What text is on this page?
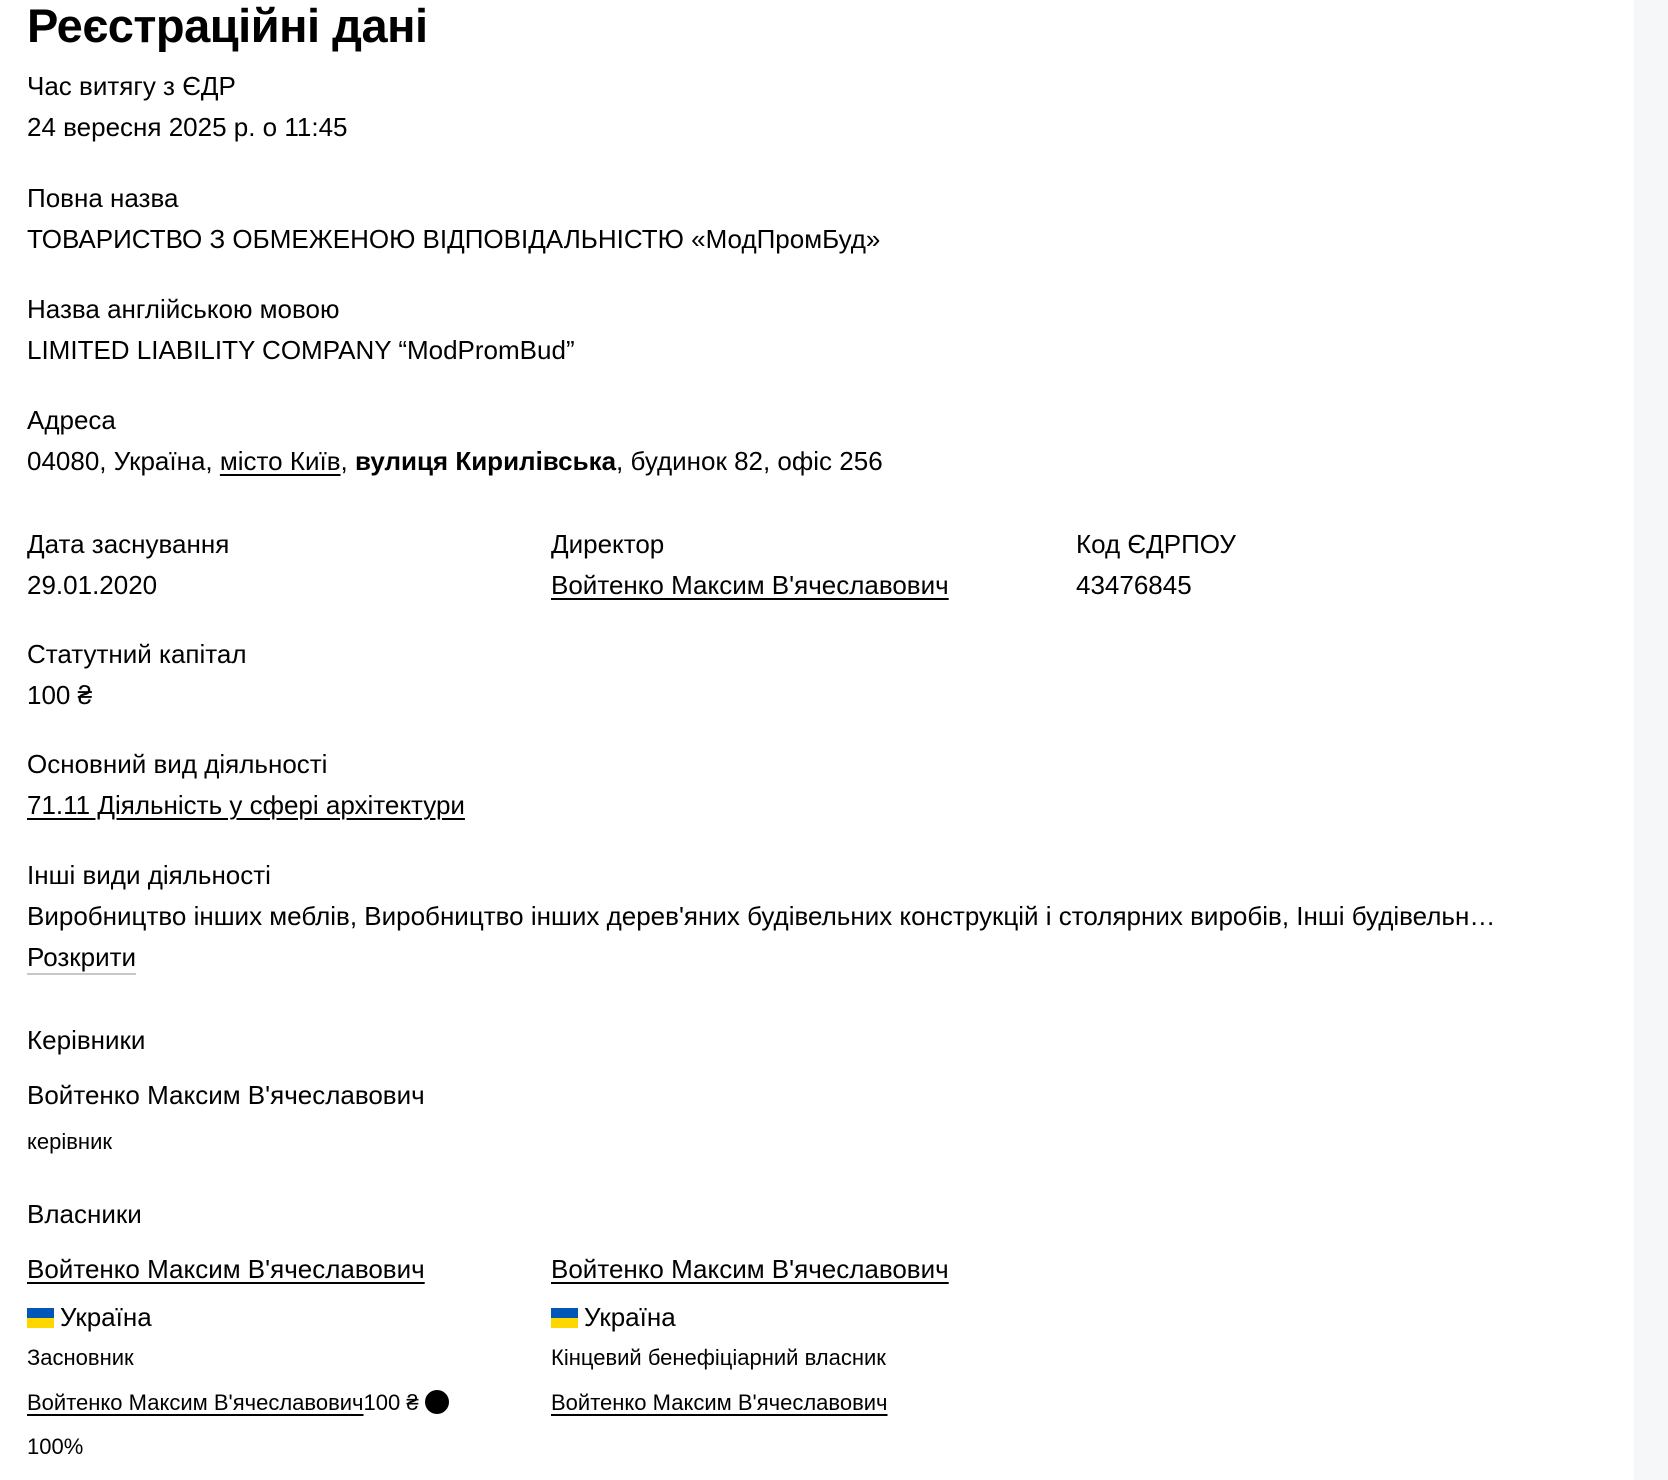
Реєстраційні дані
Час витягу з ЄДР
24 вересня 2025 р. о 11:45
Повна назва
ТОВАРИСТВО З ОБМЕЖЕНОЮ ВІДПОВІДАЛЬНІСТЮ «МодПромБуд»
Назва англійською мовою
LIMITED LIABILITY COMPANY “ModPromBud”
Адреса
04080, Україна, місто Київ, вулиця Кирилівська, будинок 82, офіс 256
Дата заснування
29.01.2020
Директор
Войтенко Максим В'ячеславович
Код ЄДРПОУ
43476845
Статутний капітал
100 ₴
Основний вид діяльності
71.11 Діяльність у сфері архітектури
Інші види діяльності
Виробництво інших меблів, Виробництво інших дерев'яних будівельних конструкцій і столярних виробів, Інші будівельн…
Розкрити
Керівники
Войтенко Максим В'ячеславович
керівник
Власники
Войтенко Максим В'ячеславович
Україна
Засновник
Войтенко Максим В'ячеславович100 ₴
100%
Войтенко Максим В'ячеславович
Україна
Кінцевий бенефіціарний власник
Войтенко Максим В'ячеславович
